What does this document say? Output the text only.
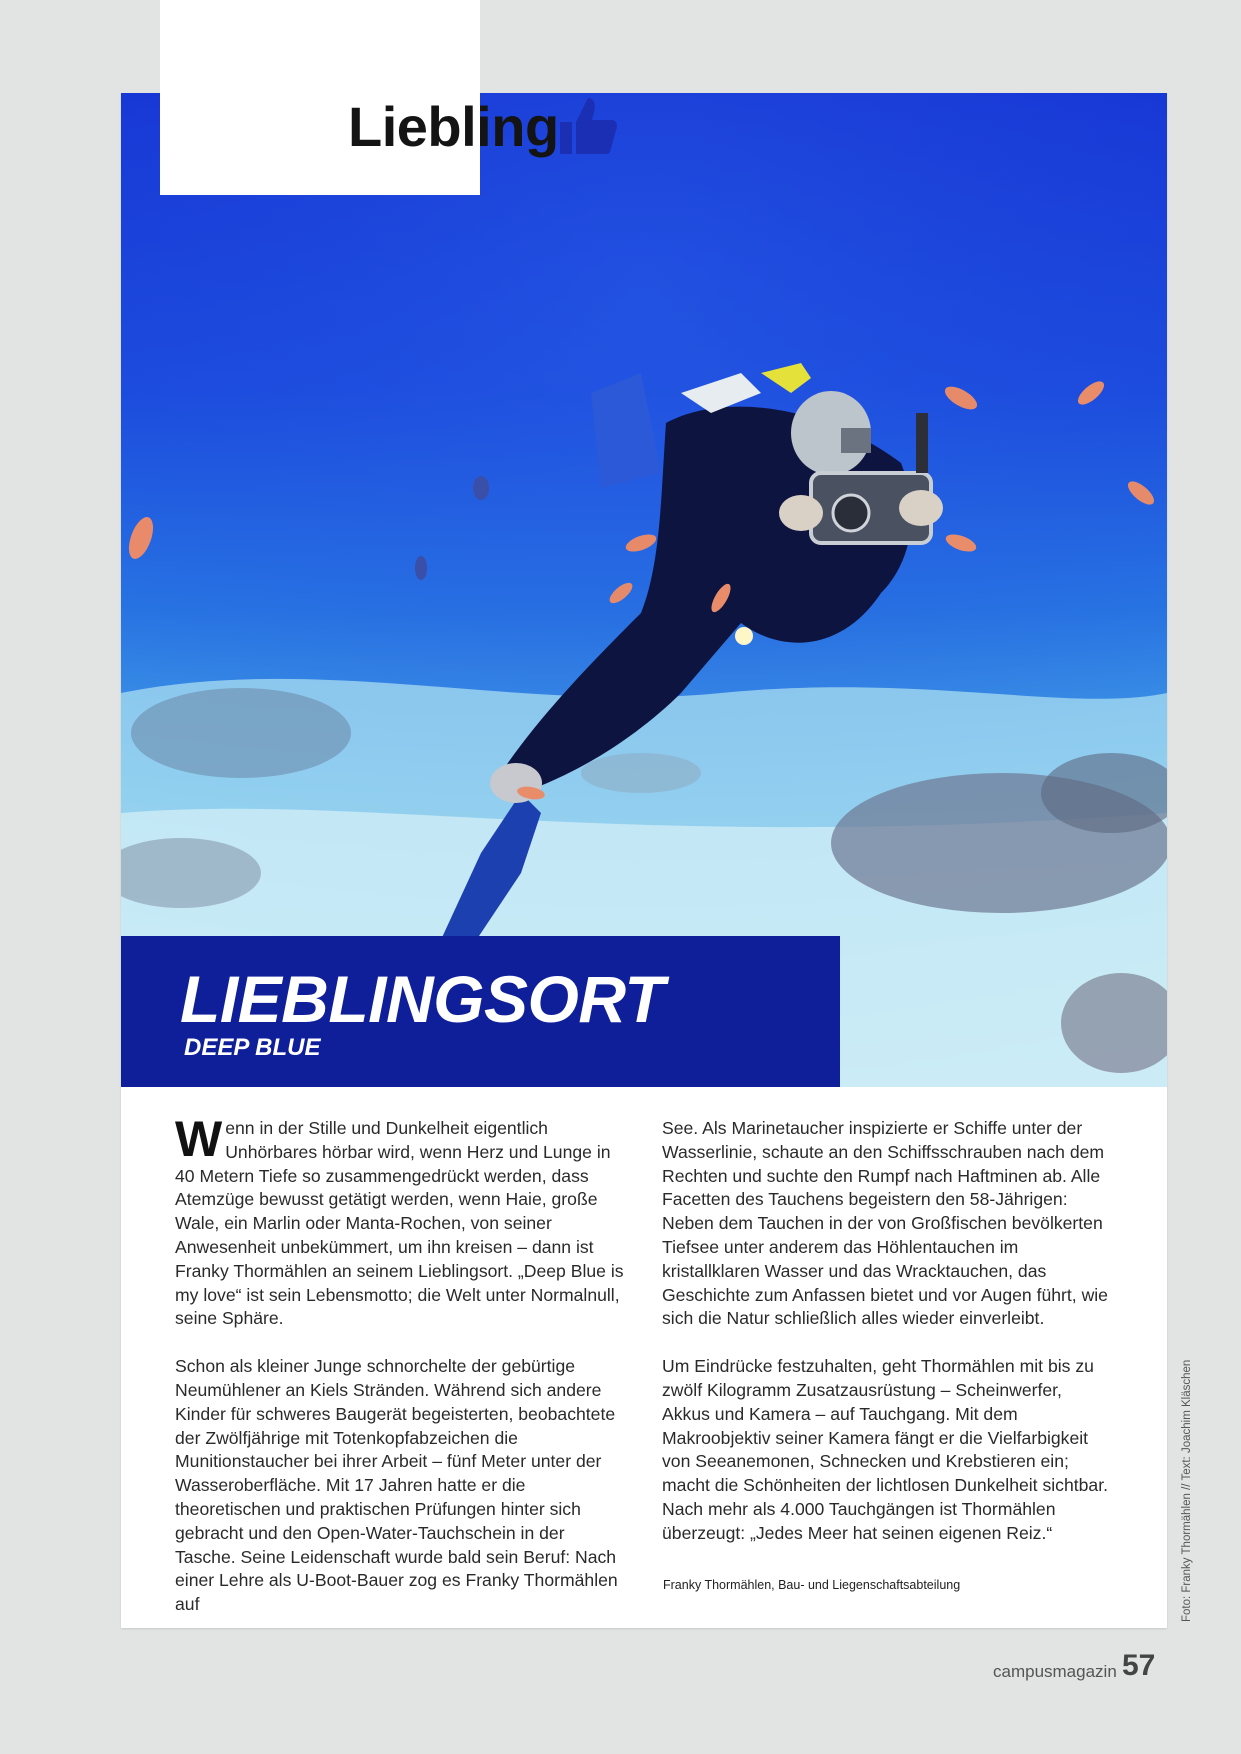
Liebling
LIEBLINGSORT
DEEP BLUE

Wenn in der Stille und Dunkelheit eigentlich Unhörbares hörbar wird, wenn Herz und Lunge in 40 Metern Tiefe so zusammengedrückt werden, dass Atemzüge bewusst getätigt werden, wenn Haie, große Wale, ein Marlin oder Manta-Rochen, von seiner Anwesenheit unbekümmert, um ihn kreisen – dann ist Franky Thormählen an seinem Lieblingsort. „Deep Blue is my love“ ist sein Lebensmotto; die Welt unter Normalnull, seine Sphäre.

Schon als kleiner Junge schnorchelte der gebürtige Neumühlener an Kiels Stränden. Während sich andere Kinder für schweres Baugerät begeisterten, beobachtete der Zwölfjährige mit Totenkopfabzeichen die Munitionstaucher bei ihrer Arbeit – fünf Meter unter der Wasseroberfläche. Mit 17 Jahren hatte er die theoretischen und praktischen Prüfungen hinter sich gebracht und den Open-Water-Tauchschein in der Tasche. Seine Leidenschaft wurde bald sein Beruf: Nach einer Lehre als U-Boot-Bauer zog es Franky Thormählen auf

See. Als Marinetaucher inspizierte er Schiffe unter der Wasserlinie, schaute an den Schiffsschrauben nach dem Rechten und suchte den Rumpf nach Haftminen ab. Alle Facetten des Tauchens begeistern den 58-Jährigen: Neben dem Tauchen in der von Großfischen bevölkerten Tiefsee unter anderem das Höhlentauchen im kristallklaren Wasser und das Wracktauchen, das Geschichte zum Anfassen bietet und vor Augen führt, wie sich die Natur schließlich alles wieder einverleibt.

Um Eindrücke festzuhalten, geht Thormählen mit bis zu zwölf Kilogramm Zusatzausrüstung – Scheinwerfer, Akkus und Kamera – auf Tauchgang. Mit dem Makroobjektiv seiner Kamera fängt er die Vielfarbigkeit von Seeanemonen, Schnecken und Krebstieren ein; macht die Schönheiten der lichtlosen Dunkelheit sichtbar. Nach mehr als 4.000 Tauchgängen ist Thormählen überzeugt: „Jedes Meer hat seinen eigenen Reiz.“

Franky Thormählen, Bau- und Liegenschaftsabteilung	Foto: Franky Thormählen // Text: Joachim Kläschen
campusmagazin 57
